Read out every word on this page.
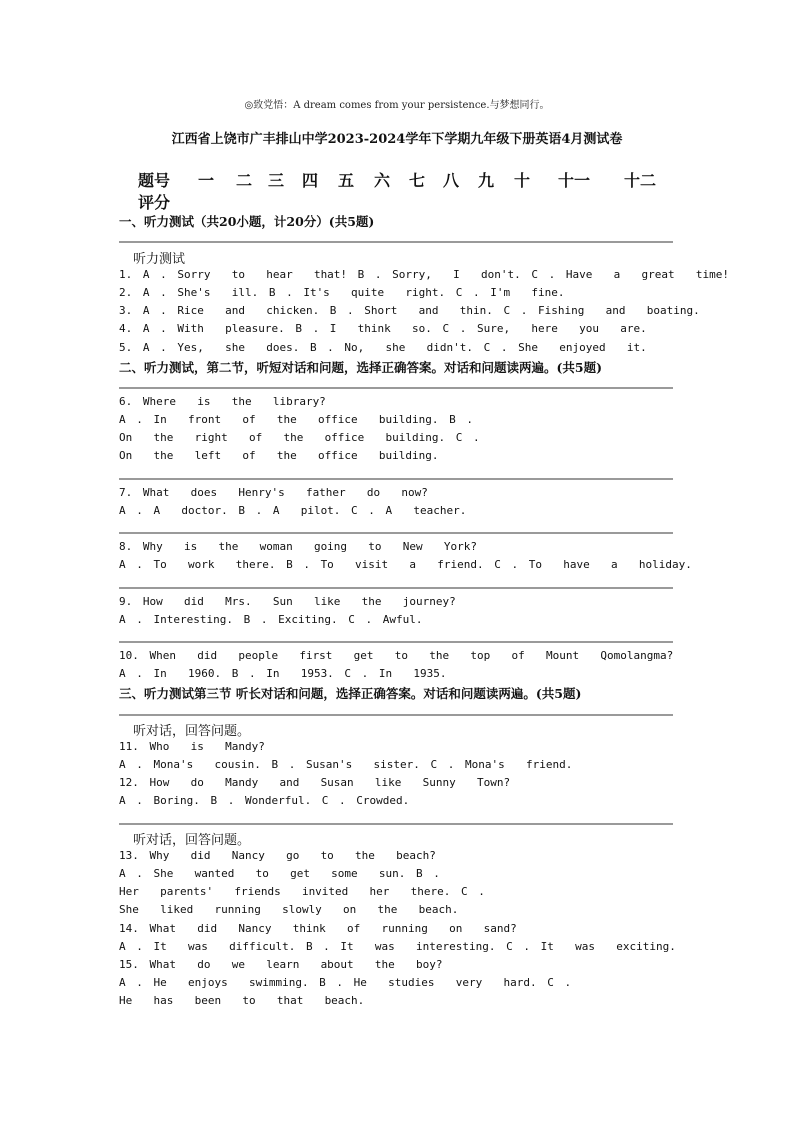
◎致党悟：A dream comes from your persistence.与梦想同行。
江西省上饶市广丰排山中学2023-2024学年下学期九年级下册英语4月测试卷
题号 一 二 三 四 五 六 七 八 九 十 十一 十二
评分
一、听力测试（共20小题，计20分）(共5题)
听力测试
1. A . Sorry  to  hear  that! B . Sorry,  I  don't. C . Have  a  great  time!
2. A . She's  ill. B . It's  quite  right. C . I'm  fine.
3. A . Rice  and  chicken. B . Short  and  thin. C . Fishing  and  boating.
4. A . With  pleasure. B . I  think  so. C . Sure,  here  you  are.
5. A . Yes,  she  does. B . No,  she  didn't. C . She  enjoyed  it.
二、听力测试，第二节，听短对话和问题，选择正确答案。对话和问题读两遍。(共5题)
6. Where  is  the  library?
A . In  front  of  the  office  building. B .
On  the  right  of  the  office  building. C .
On  the  left  of  the  office  building.
7. What  does  Henry's  father  do  now?
A . A  doctor. B . A  pilot. C . A  teacher.
8. Why  is  the  woman  going  to  New  York?
A . To  work  there. B . To  visit  a  friend. C . To  have  a  holiday.
9. How  did  Mrs.  Sun  like  the  journey?
A . Interesting. B . Exciting. C . Awful.
10. When  did  people  first  get  to  the  top  of  Mount  Qomolangma?
A . In  1960. B . In  1953. C . In  1935.
三、听力测试第三节 听长对话和问题，选择正确答案。对话和问题读两遍。(共5题)
听对话，回答问题。
11. Who  is  Mandy?
A . Mona's  cousin. B . Susan's  sister. C . Mona's  friend.
12. How  do  Mandy  and  Susan  like  Sunny  Town?
A . Boring. B . Wonderful. C . Crowded.
听对话，回答问题。
13. Why  did  Nancy  go  to  the  beach?
A . She  wanted  to  get  some  sun. B .
Her  parents'  friends  invited  her  there. C .
She  liked  running  slowly  on  the  beach.
14. What  did  Nancy  think  of  running  on  sand?
A . It  was  difficult. B . It  was  interesting. C . It  was  exciting.
15. What  do  we  learn  about  the  boy?
A . He  enjoys  swimming. B . He  studies  very  hard. C .
He  has  been  to  that  beach.
